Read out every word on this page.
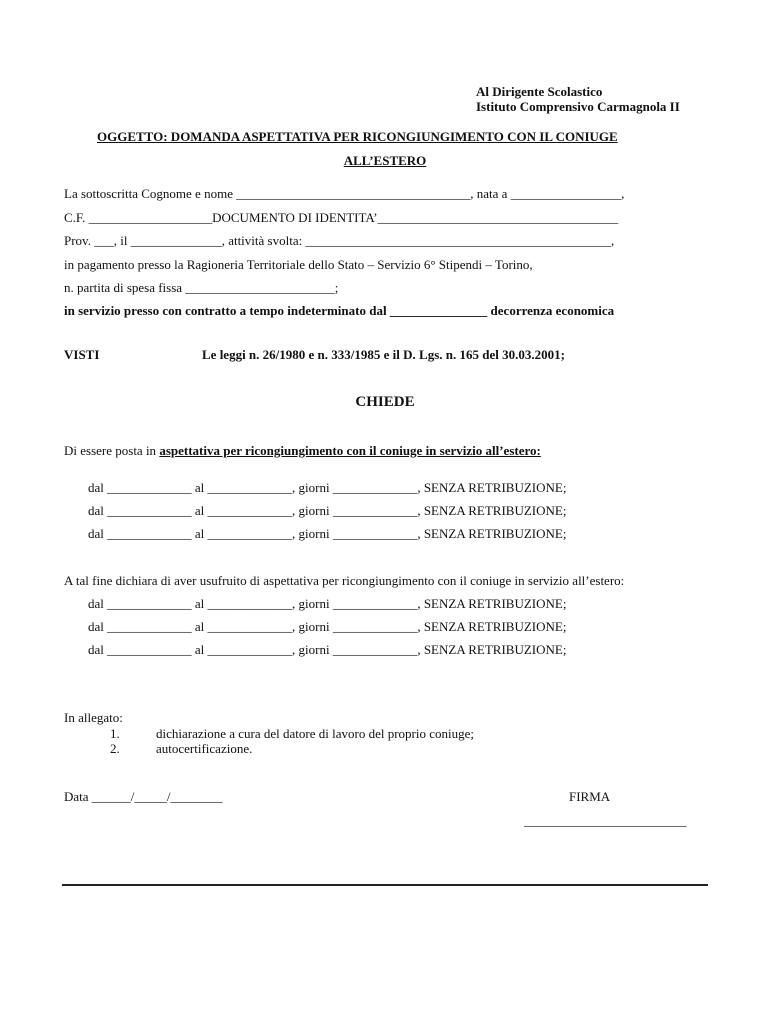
Al Dirigente Scolastico
Istituto Comprensivo Carmagnola II
OGGETTO: DOMANDA ASPETTATIVA PER RICONGIUNGIMENTO CON IL CONIUGE
ALL’ESTERO
La sottoscritta Cognome e nome ____________________________________, nata a _________________,
C.F. ___________________DOCUMENTO DI IDENTITA’_____________________________________
Prov. ___, il ______________, attività svolta: _______________________________________________,
in pagamento presso la Ragioneria Territoriale dello Stato – Servizio 6° Stipendi – Torino,
n. partita di spesa fissa _______________________;
in servizio presso con contratto a tempo indeterminato dal _______________ decorrenza economica
VISTI	Le leggi n. 26/1980 e n. 333/1985 e il D. Lgs. n. 165 del 30.03.2001;
CHIEDE
Di essere posta in aspettativa per ricongiungimento con il coniuge in servizio all’estero:
dal _____________ al _____________, giorni _____________, SENZA RETRIBUZIONE;
dal _____________ al _____________, giorni _____________, SENZA RETRIBUZIONE;
dal _____________ al _____________, giorni _____________, SENZA RETRIBUZIONE;
A tal fine dichiara di aver usufruito di aspettativa per ricongiungimento con il coniuge in servizio all’estero:
dal _____________ al _____________, giorni _____________, SENZA RETRIBUZIONE;
dal _____________ al _____________, giorni _____________, SENZA RETRIBUZIONE;
dal _____________ al _____________, giorni _____________, SENZA RETRIBUZIONE;
In allegato:
1.	dichiarazione a cura del datore di lavoro del proprio coniuge;
2.	autocertificazione.
Data ______/_____/________	FIRMA
_________________________
